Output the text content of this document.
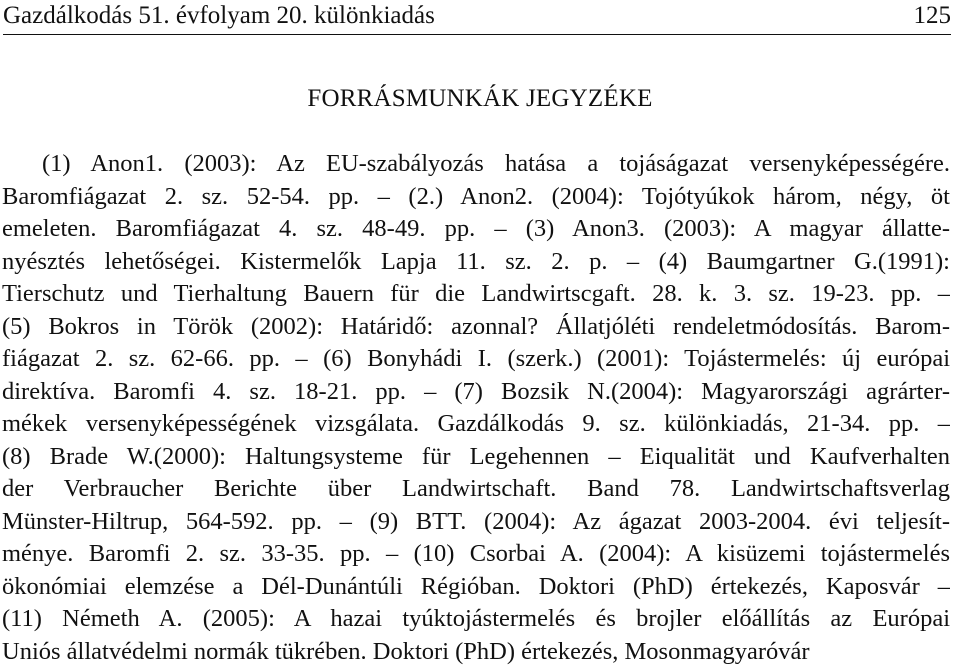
Gazdálkodás 51. évfolyam 20. különkiadás	125
FORRÁSMUNKÁK JEGYZÉKE
(1) Anon1. (2003): Az EU-szabályozás hatása a tojáságazat versenyképességére.
Baromfiágazat 2. sz. 52-54. pp. – (2.) Anon2. (2004): Tojótyúkok három, négy, öt
emeleten. Baromfiágazat 4. sz. 48-49. pp. – (3) Anon3. (2003): A magyar állatte-
nyésztés lehetőségei. Kistermelők Lapja 11. sz. 2. p. – (4) Baumgartner G.(1991):
Tierschutz und Tierhaltung Bauern für die Landwirtscgaft. 28. k. 3. sz. 19-23. pp. –
(5) Bokros in Török (2002): Határidő: azonnal? Állatjóléti rendeletmódosítás. Barom-
fiágazat 2. sz. 62-66. pp. – (6) Bonyhádi I. (szerk.) (2001): Tojástermelés: új európai
direktíva. Baromfi 4. sz. 18-21. pp. – (7) Bozsik N.(2004): Magyarországi agrárter-
mékek versenyképességének vizsgálata. Gazdálkodás 9. sz. különkiadás, 21-34. pp. –
(8) Brade W.(2000): Haltungsysteme für Legehennen – Eiqualität und Kaufverhalten
der Verbraucher Berichte über Landwirtschaft. Band 78. Landwirtschaftsverlag
Münster-Hiltrup, 564-592. pp. – (9) BTT. (2004): Az ágazat 2003-2004. évi teljesít-
ménye. Baromfi 2. sz. 33-35. pp. – (10) Csorbai A. (2004): A kisüzemi tojástermelés
ökonómiai elemzése a Dél-Dunántúli Régióban. Doktori (PhD) értekezés, Kaposvár –
(11) Németh A. (2005): A hazai tyúktojástermelés és brojler előállítás az Európai
Uniós állatvédelmi normák tükrében. Doktori (PhD) értekezés, Mosonmagyaróvár
